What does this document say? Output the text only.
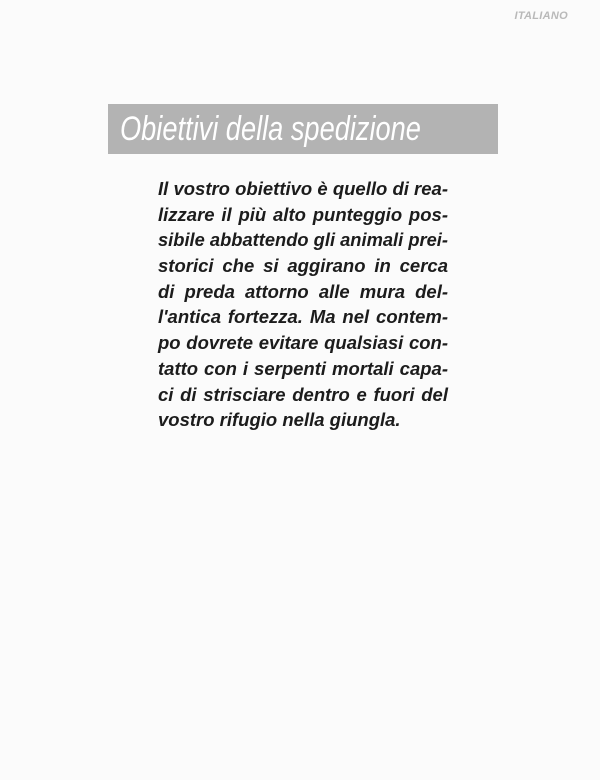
ITALIANO
Obiettivi della spedizione
Il vostro obiettivo è quello di rea-
lizzare il più alto punteggio pos-
sibile abbattendo gli animali prei-
storici che si aggirano in cerca
di preda attorno alle mura del-
l'antica fortezza. Ma nel contem-
po dovrete evitare qualsiasi con-
tatto con i serpenti mortali capa-
ci di strisciare dentro e fuori del
vostro rifugio nella giungla.
